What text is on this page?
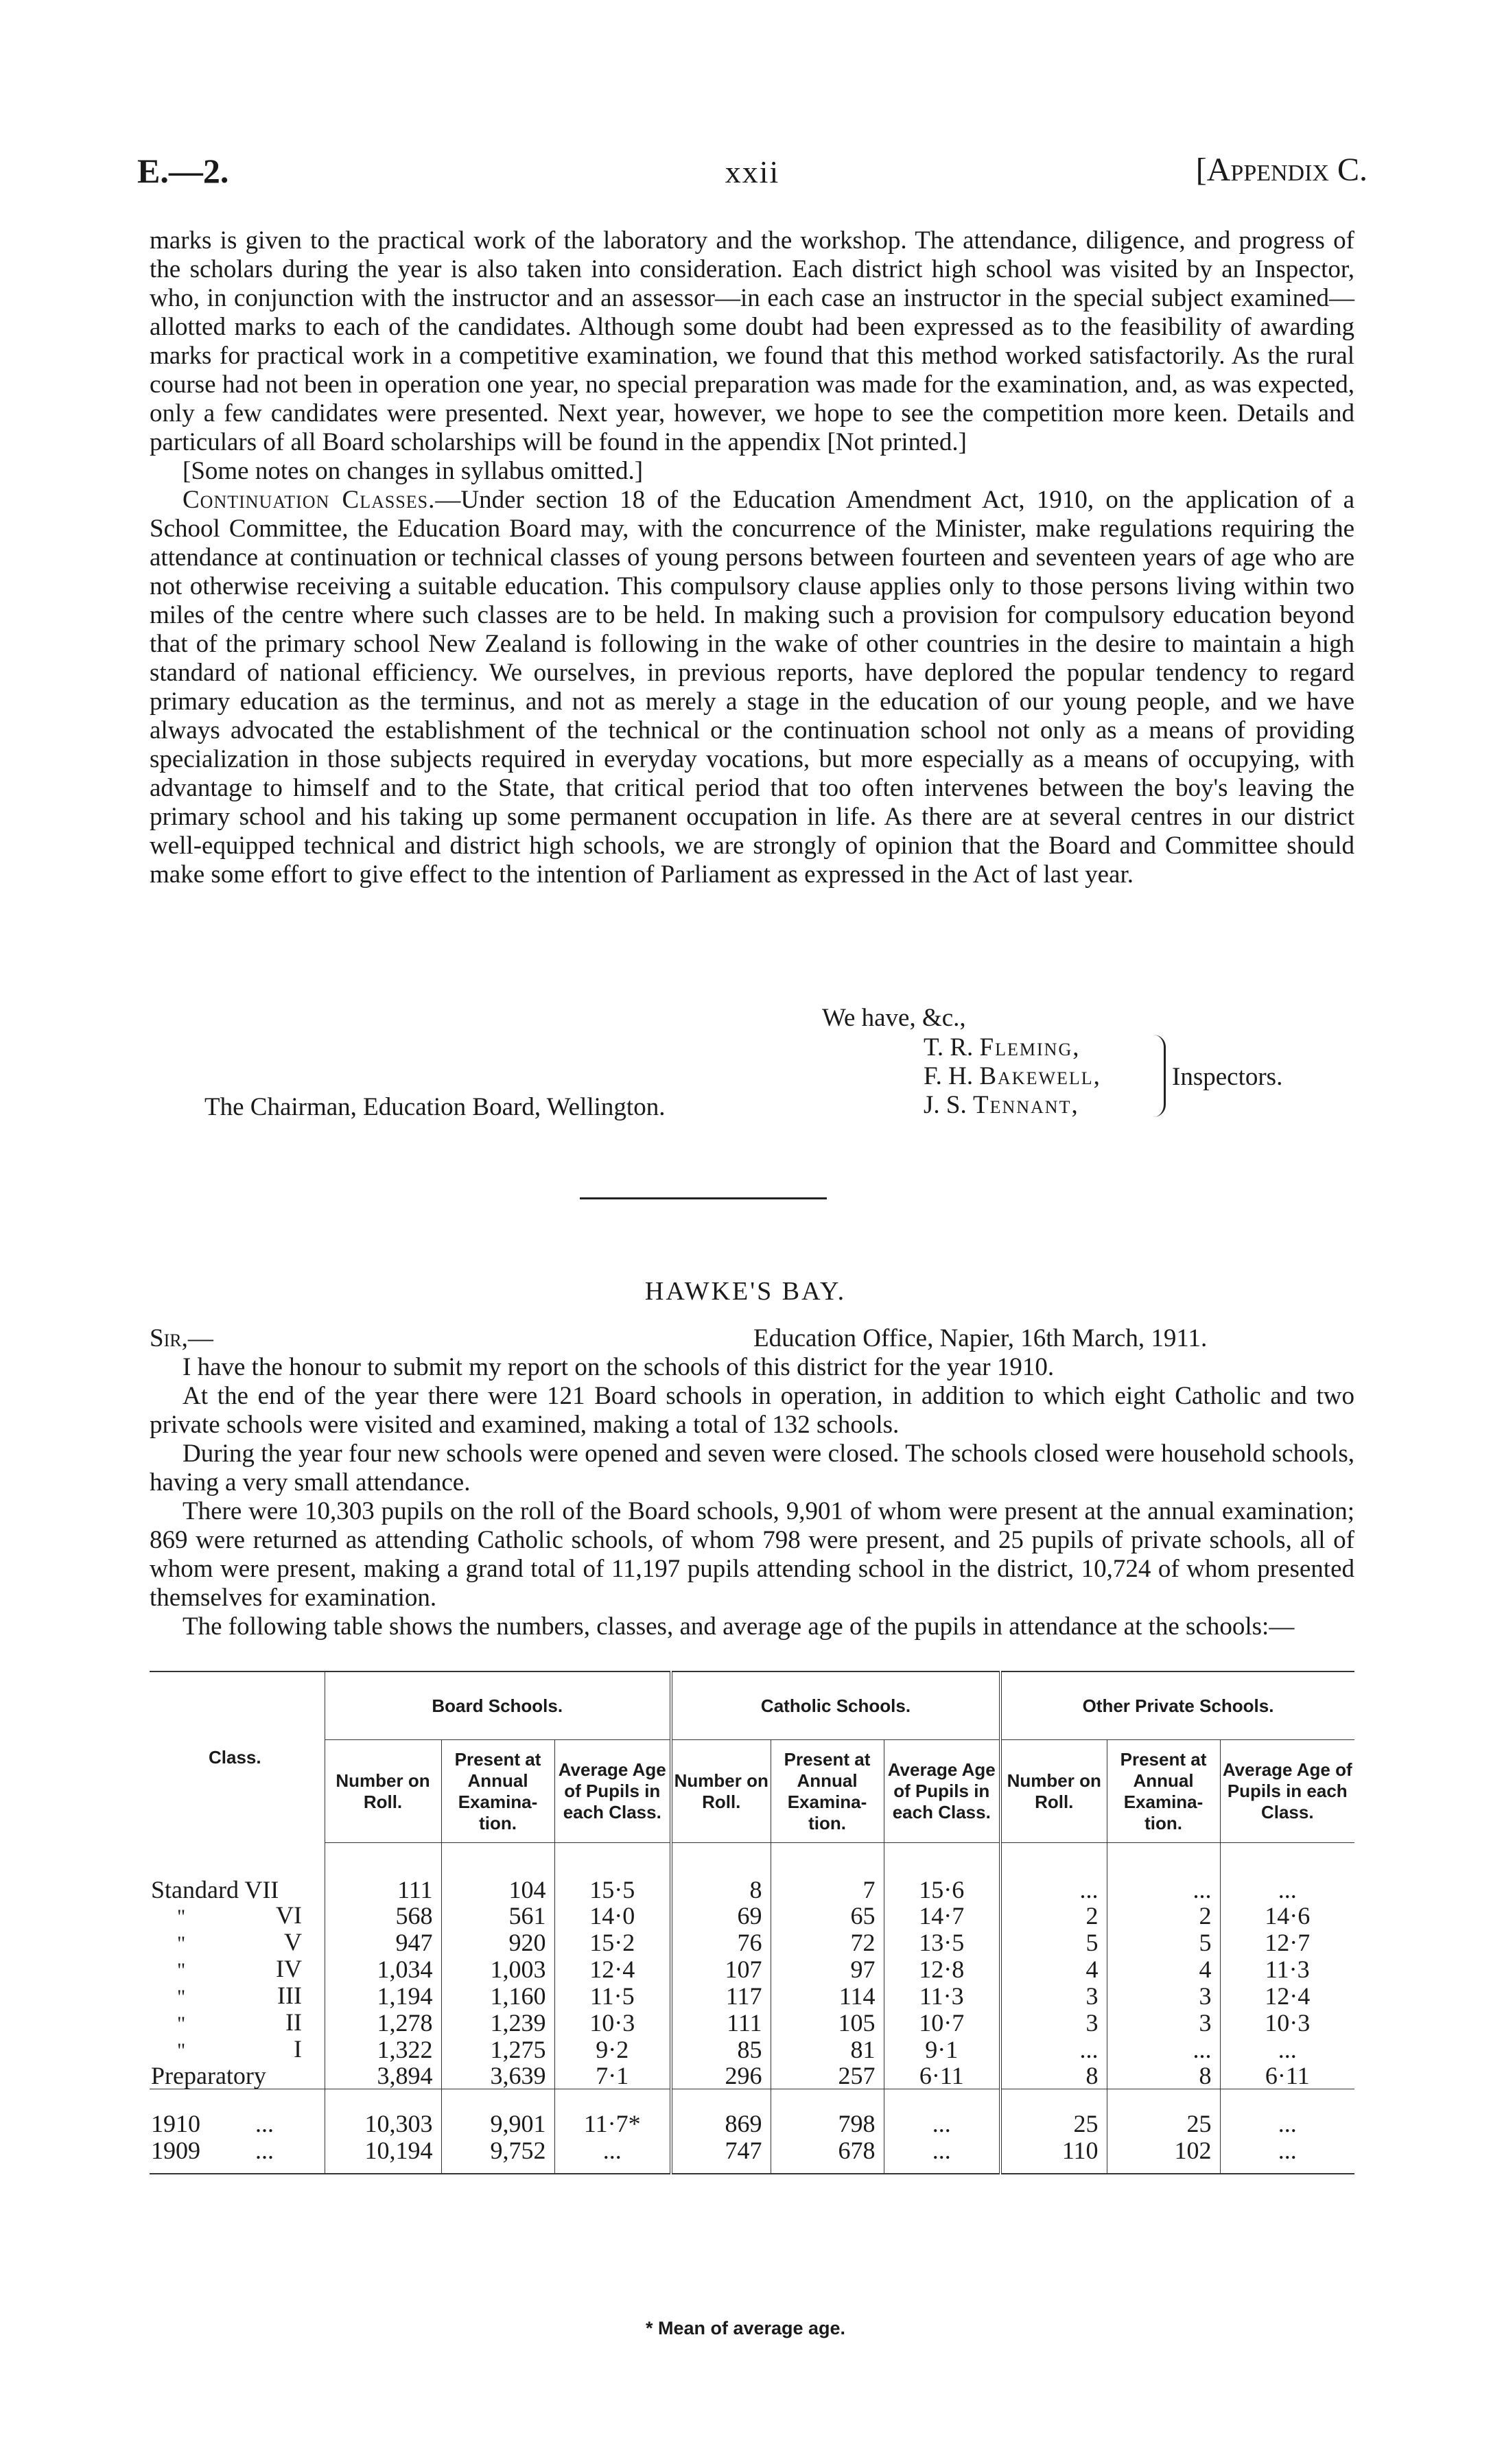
E.—2.	xxii	[Appendix C.

marks is given to the practical work of the laboratory and the workshop. The attendance, diligence, and progress of the scholars during the year is also taken into consideration. Each district high school was visited by an Inspector, who, in conjunction with the instructor and an assessor—in each case an instructor in the special subject examined—allotted marks to each of the candidates. Although some doubt had been expressed as to the feasibility of awarding marks for practical work in a competitive examination, we found that this method worked satisfactorily. As the rural course had not been in operation one year, no special preparation was made for the examination, and, as was expected, only a few candidates were presented. Next year, however, we hope to see the competition more keen. Details and particulars of all Board scholarships will be found in the appendix [Not printed.]

[Some notes on changes in syllabus omitted.]

Continuation Classes.—Under section 18 of the Education Amendment Act, 1910, on the application of a School Committee, the Education Board may, with the concurrence of the Minister, make regulations requiring the attendance at continuation or technical classes of young persons between fourteen and seventeen years of age who are not otherwise receiving a suitable education. This compulsory clause applies only to those persons living within two miles of the centre where such classes are to be held. In making such a provision for compulsory education beyond that of the primary school New Zealand is following in the wake of other countries in the desire to maintain a high standard of national efficiency. We ourselves, in previous reports, have deplored the popular tendency to regard primary education as the terminus, and not as merely a stage in the education of our young people, and we have always advocated the establishment of the technical or the continuation school not only as a means of providing specialization in those subjects required in everyday vocations, but more especially as a means of occupying, with advantage to himself and to the State, that critical period that too often intervenes between the boy's leaving the primary school and his taking up some permanent occupation in life. As there are at several centres in our district well-equipped technical and district high schools, we are strongly of opinion that the Board and Committee should make some effort to give effect to the intention of Parliament as expressed in the Act of last year.

We have, &c.,
T. R. Fleming,
F. H. Bakewell,
J. S. Tennant,
Inspectors.
The Chairman, Education Board, Wellington.
HAWKE'S BAY.
Sir,—	Education Office, Napier, 16th March, 1911.

I have the honour to submit my report on the schools of this district for the year 1910.

At the end of the year there were 121 Board schools in operation, in addition to which eight Catholic and two private schools were visited and examined, making a total of 132 schools.

During the year four new schools were opened and seven were closed. The schools closed were household schools, having a very small attendance.

There were 10,303 pupils on the roll of the Board schools, 9,901 of whom were present at the annual examination; 869 were returned as attending Catholic schools, of whom 798 were present, and 25 pupils of private schools, all of whom were present, making a grand total of 11,197 pupils attending school in the district, 10,724 of whom presented themselves for examination.

The following table shows the numbers, classes, and average age of the pupils in attendance at the schools:—

Class.	Board Schools.			Catholic Schools.			Other Private Schools.		
	Number on Roll.	Present at Annual Examina-tion.	Average Age of Pupils in each Class.	Number on Roll.	Present at Annual Examina-tion.	Average Age of Pupils in each Class.	Number on Roll.	Present at Annual Examina-tion.	Average Age of Pupils in each Class.

Standard VII	111	104	15·5	8	7	15·6	...	...	...
" VI	568	561	14·0	69	65	14·7	2	2	14·6
" V	947	920	15·2	76	72	13·5	5	5	12·7
" IV	1,034	1,003	12·4	107	97	12·8	4	4	11·3
" III	1,194	1,160	11·5	117	114	11·3	3	3	12·4
" II	1,278	1,239	10·3	111	105	10·7	3	3	10·3
" I	1,322	1,275	9·2	85	81	9·1	...	...	...
Preparatory	3,894	3,639	7·1	296	257	6·11	8	8	6·11

1910 ...	10,303	9,901	11·7*	869	798	...	25	25	...
1909 ...	10,194	9,752	...	747	678	...	110	102	...

* Mean of average age.
